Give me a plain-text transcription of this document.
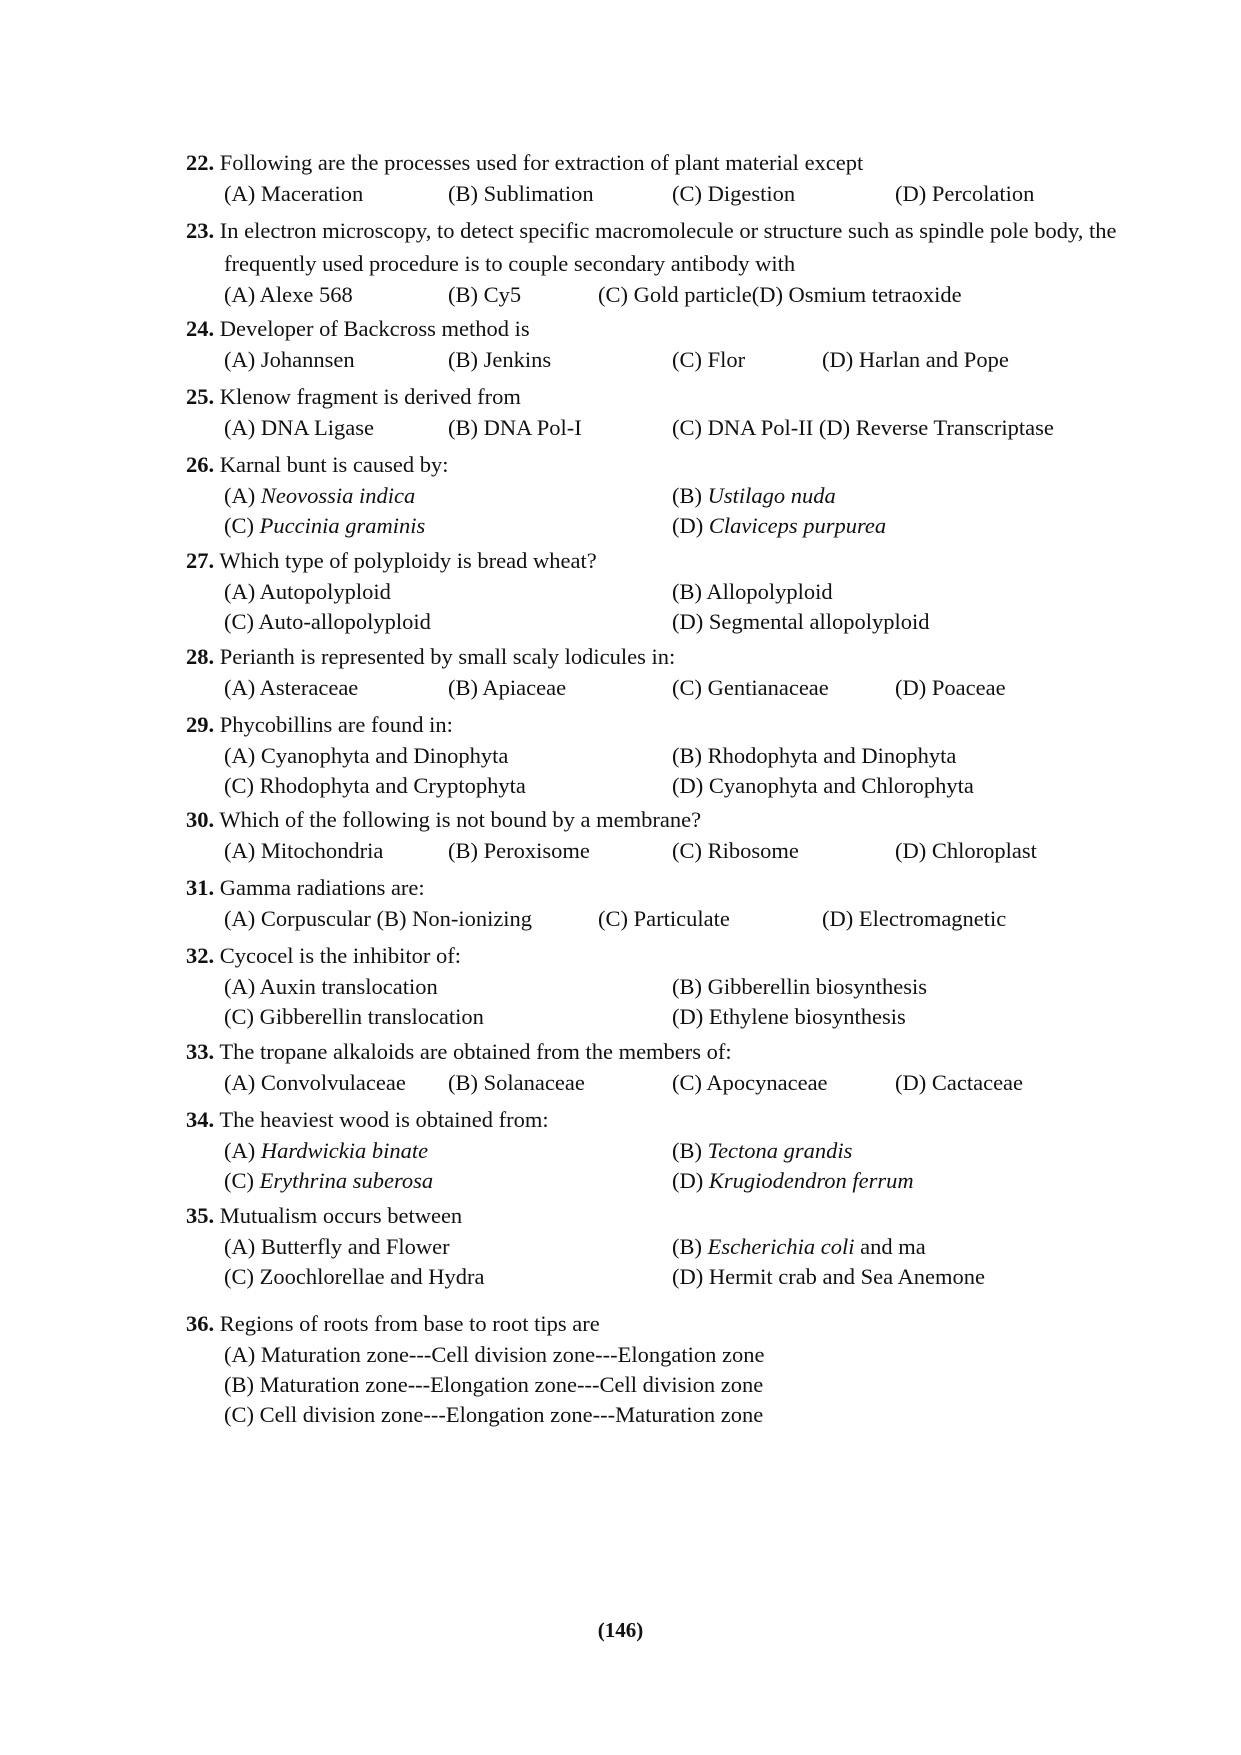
22. Following are the processes used for extraction of plant material except
(A) Maceration	(B) Sublimation	(C) Digestion	(D) Percolation
23. In electron microscopy, to detect specific macromolecule or structure such as spindle pole body, the frequently used procedure is to couple secondary antibody with
(A) Alexe 568	(B) Cy5	(C) Gold particle(D) Osmium tetraoxide
24. Developer of Backcross method is
(A) Johannsen	(B) Jenkins	(C) Flor	(D) Harlan and Pope
25. Klenow fragment is derived from
(A) DNA Ligase	(B) DNA Pol-I	(C) DNA Pol-II (D) Reverse Transcriptase
26. Karnal bunt is caused by:
(A) Neovossia indica	(B) Ustilago nuda
(C) Puccinia graminis	(D) Claviceps purpurea
27. Which type of polyploidy is bread wheat?
(A) Autopolyploid	(B) Allopolyploid
(C) Auto-allopolyploid	(D) Segmental allopolyploid
28. Perianth is represented by small scaly lodicules in:
(A) Asteraceae	(B) Apiaceae	(C) Gentianaceae	(D) Poaceae
29. Phycobillins are found in:
(A) Cyanophyta and Dinophyta	(B) Rhodophyta and Dinophyta
(C) Rhodophyta and Cryptophyta	(D) Cyanophyta and Chlorophyta
30. Which of the following is not bound by a membrane?
(A) Mitochondria	(B) Peroxisome	(C) Ribosome	(D) Chloroplast
31. Gamma radiations are:
(A) Corpuscular (B) Non-ionizing	(C) Particulate	(D) Electromagnetic
32. Cycocel is the inhibitor of:
(A) Auxin translocation	(B) Gibberellin biosynthesis
(C) Gibberellin translocation	(D) Ethylene biosynthesis
33. The tropane alkaloids are obtained from the members of:
(A) Convolvulaceae (B) Solanaceae	(C) Apocynaceae	(D) Cactaceae
34. The heaviest wood is obtained from:
(A) Hardwickia binate	(B) Tectona grandis
(C) Erythrina suberosa	(D) Krugiodendron ferrum
35. Mutualism occurs between
(A) Butterfly and Flower	(B) Escherichia coli and ma
(C) Zoochlorellae and Hydra	(D) Hermit crab and Sea Anemone
36. Regions of roots from base to root tips are
(A) Maturation zone---Cell division zone---Elongation zone
(B) Maturation zone---Elongation zone---Cell division zone
(C) Cell division zone---Elongation zone---Maturation zone
(146)
